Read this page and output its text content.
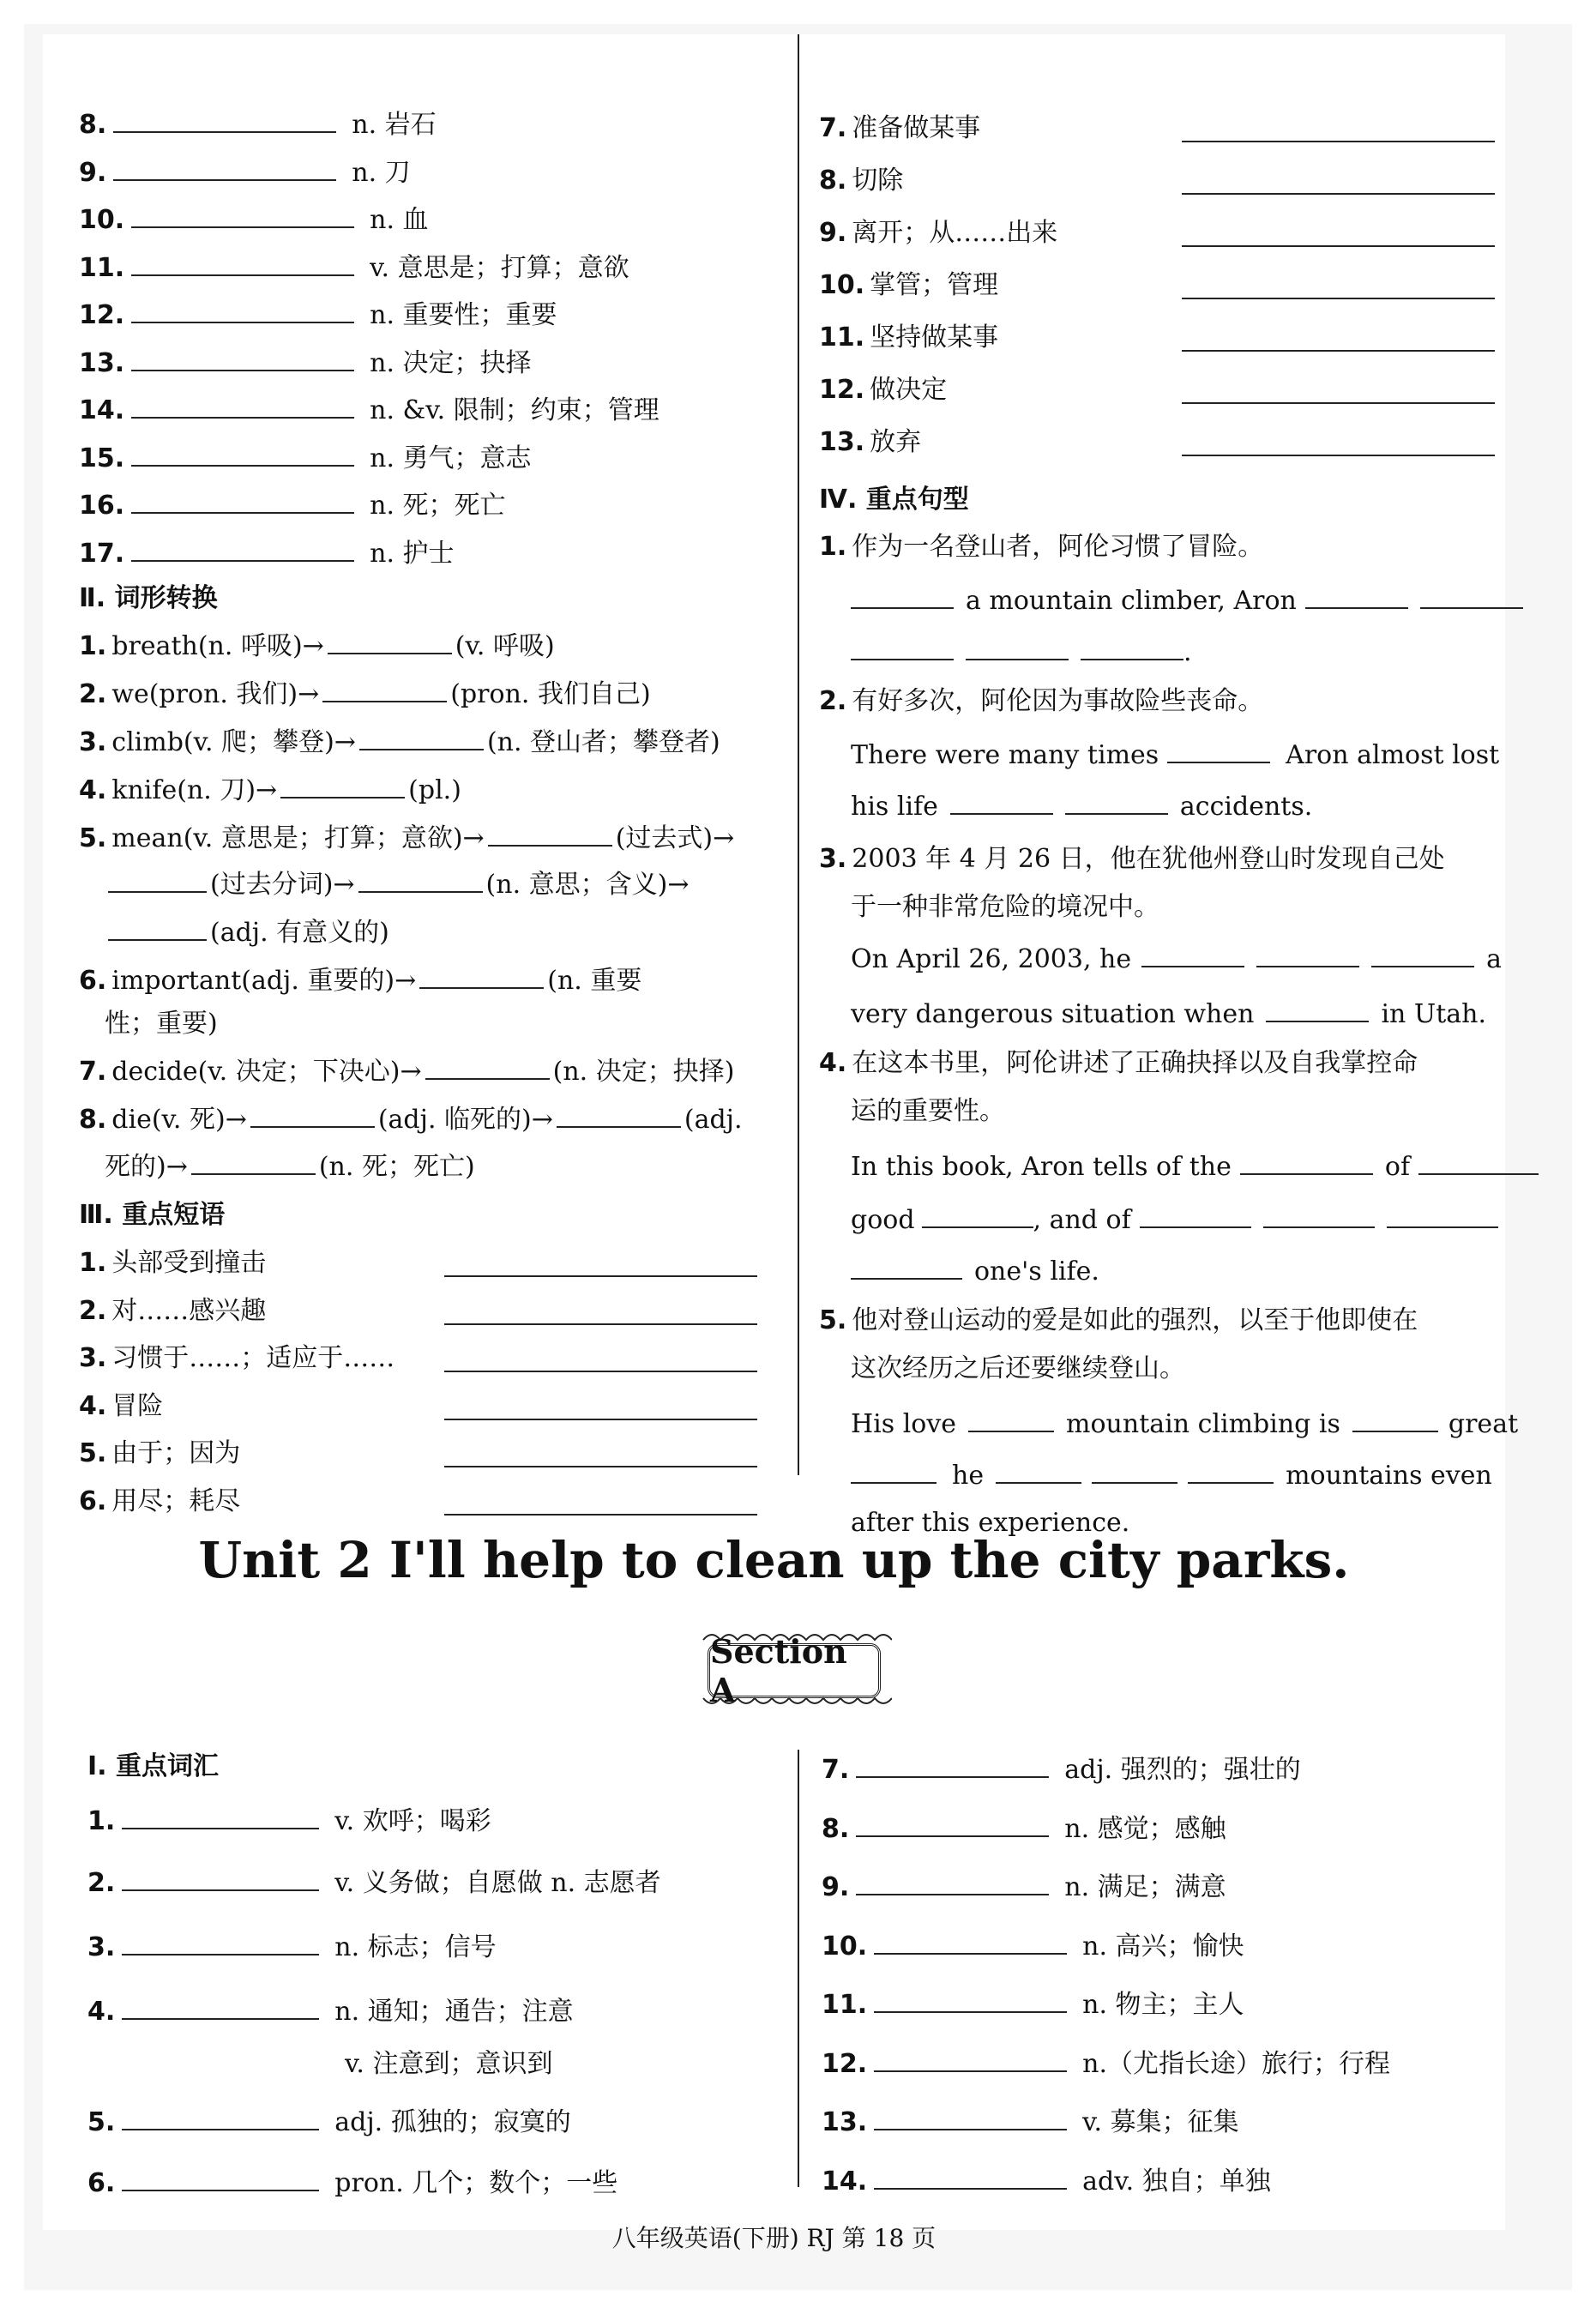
Unit 2 I'll help to clean up the city parks.
Section A
八年级英语(下册) RJ 第 18 页
8.	n. 岩石
9.	n. 刀
10.	n. 血
11.	v. 意思是；打算；意欲
12.	n. 重要性；重要
13.	n. 决定；抉择
14.	n. &v. 限制；约束；管理
15.	n. 勇气；意志
16.	n. 死；死亡
17.	n. 护士
Ⅱ. 词形转换
1. breath(n. 呼吸)→	(v. 呼吸)
2. we(pron. 我们)→	(pron. 我们自己)
3. climb(v. 爬；攀登)→	(n. 登山者；攀登者)
4. knife(n. 刀)→	(pl.)
5. mean(v. 意思是；打算；意欲)→	(过去式)→
(过去分词)→	(n. 意思；含义)→
(adj. 有意义的)
6. important(adj. 重要的)→	(n. 重要
性；重要)
7. decide(v. 决定；下决心)→	(n. 决定；抉择)
8. die(v. 死)→	(adj. 临死的)→	(adj.
死的)→	(n. 死；死亡)
Ⅲ. 重点短语
1. 头部受到撞击
2. 对……感兴趣
3. 习惯于……；适应于……
4. 冒险
5. 由于；因为
6. 用尽；耗尽
7. 准备做某事
8. 切除
9. 离开；从……出来
10. 掌管；管理
11. 坚持做某事
12. 做决定
13. 放弃
Ⅳ. 重点句型
1. 作为一名登山者，阿伦习惯了冒险。
a mountain climber, Aron
.
2. 有好多次，阿伦因为事故险些丧命。
There were many times	Aron almost lost
his life	accidents.
3. 2003 年 4 月 26 日，他在犹他州登山时发现自己处
于一种非常危险的境况中。
On April 26, 2003, he	a
very dangerous situation when	in Utah.
4. 在这本书里，阿伦讲述了正确抉择以及自我掌控命
运的重要性。
In this book, Aron tells of the	of
good	, and of
one's life.
5. 他对登山运动的爱是如此的强烈，以至于他即使在
这次经历之后还要继续登山。
His love	mountain climbing is	great
he	mountains even
after this experience.
Ⅰ. 重点词汇
1.	v. 欢呼；喝彩
2.	v. 义务做；自愿做 n. 志愿者
3.	n. 标志；信号
4.	n. 通知；通告；注意
v. 注意到；意识到
5.	adj. 孤独的；寂寞的
6.	pron. 几个；数个；一些
7.	adj. 强烈的；强壮的
8.	n. 感觉；感触
9.	n. 满足；满意
10.	n. 高兴；愉快
11.	n. 物主；主人
12.	n.（尤指长途）旅行；行程
13.	v. 募集；征集
14.	adv. 独自；单独
